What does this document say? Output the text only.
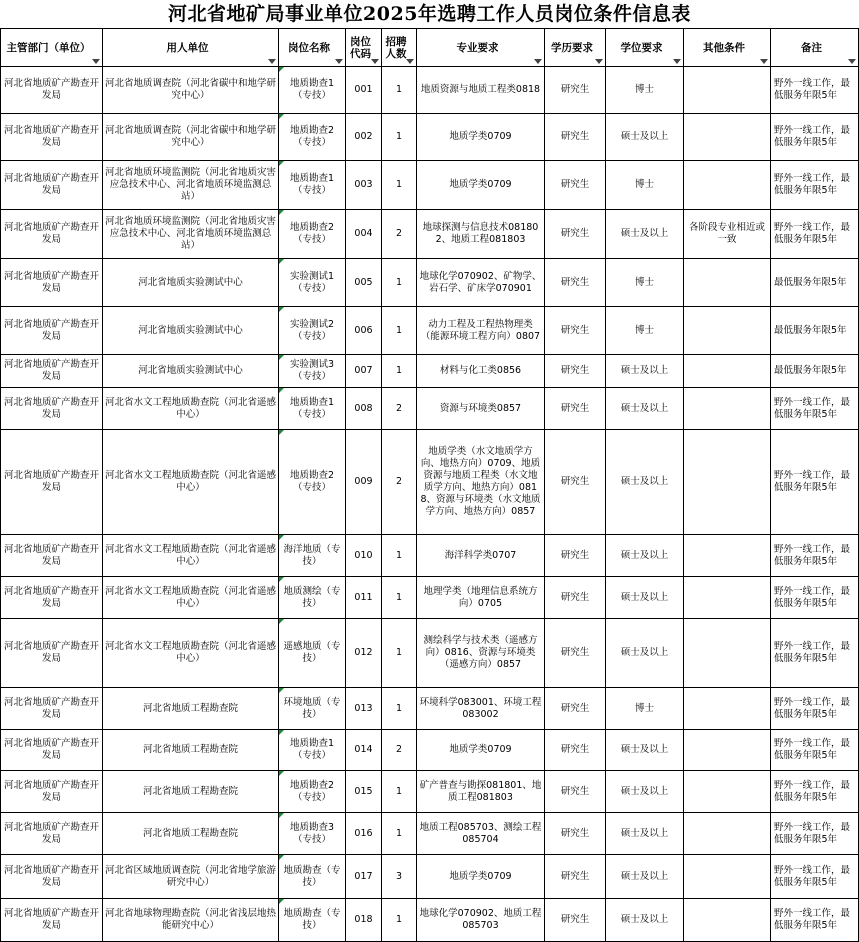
河北省地矿局事业单位2025年选聘工作人员岗位条件信息表
主管部门（单位）	用人单位	岗位名称	岗位代码	招聘人数	专业要求	学历要求	学位要求	其他条件	备注

河北省地质矿产勘查开发局	河北省地质调查院（河北省碳中和地学研究中心）	地质勘查1（专技）	001	1	地质资源与地质工程类0818	研究生	博士		野外一线工作，最低服务年限5年
河北省地质矿产勘查开发局	河北省地质调查院（河北省碳中和地学研究中心）	地质勘查2（专技）	002	1	地质学类0709	研究生	硕士及以上		野外一线工作，最低服务年限5年
河北省地质矿产勘查开发局	河北省地质环境监测院（河北省地质灾害应急技术中心、河北省地质环境监测总站）	地质勘查1（专技）	003	1	地质学类0709	研究生	博士		野外一线工作，最低服务年限5年
河北省地质矿产勘查开发局	河北省地质环境监测院（河北省地质灾害应急技术中心、河北省地质环境监测总站）	地质勘查2（专技）	004	2	地球探测与信息技术081802、地质工程081803	研究生	硕士及以上	各阶段专业相近或一致	野外一线工作，最低服务年限5年
河北省地质矿产勘查开发局	河北省地质实验测试中心	实验测试1（专技）	005	1	地球化学070902、矿物学、岩石学、矿床学070901	研究生	博士		最低服务年限5年
河北省地质矿产勘查开发局	河北省地质实验测试中心	实验测试2（专技）	006	1	动力工程及工程热物理类（能源环境工程方向）0807	研究生	博士		最低服务年限5年
河北省地质矿产勘查开发局	河北省地质实验测试中心	实验测试3（专技）	007	1	材料与化工类0856	研究生	硕士及以上		最低服务年限5年
河北省地质矿产勘查开发局	河北省水文工程地质勘查院（河北省遥感中心）	地质勘查1（专技）	008	2	资源与环境类0857	研究生	硕士及以上		野外一线工作，最低服务年限5年
河北省地质矿产勘查开发局	河北省水文工程地质勘查院（河北省遥感中心）	地质勘查2（专技）	009	2	地质学类（水文地质学方向、地热方向）0709、地质资源与地质工程类（水文地质学方向、地热方向）0818、资源与环境类（水文地质学方向、地热方向）0857	研究生	硕士及以上		野外一线工作，最低服务年限5年
河北省地质矿产勘查开发局	河北省水文工程地质勘查院（河北省遥感中心）	海洋地质（专技）	010	1	海洋科学类0707	研究生	硕士及以上		野外一线工作，最低服务年限5年
河北省地质矿产勘查开发局	河北省水文工程地质勘查院（河北省遥感中心）	地质测绘（专技）	011	1	地理学类（地理信息系统方向）0705	研究生	硕士及以上		野外一线工作，最低服务年限5年
河北省地质矿产勘查开发局	河北省水文工程地质勘查院（河北省遥感中心）	遥感地质（专技）	012	1	测绘科学与技术类（遥感方向）0816、资源与环境类（遥感方向）0857	研究生	硕士及以上		野外一线工作，最低服务年限5年
河北省地质矿产勘查开发局	河北省地质工程勘查院	环境地质（专技）	013	1	环境科学083001、环境工程083002	研究生	博士		野外一线工作，最低服务年限5年
河北省地质矿产勘查开发局	河北省地质工程勘查院	地质勘查1（专技）	014	2	地质学类0709	研究生	硕士及以上		野外一线工作，最低服务年限5年
河北省地质矿产勘查开发局	河北省地质工程勘查院	地质勘查2（专技）	015	1	矿产普查与勘探081801、地质工程081803	研究生	硕士及以上		野外一线工作，最低服务年限5年
河北省地质矿产勘查开发局	河北省地质工程勘查院	地质勘查3（专技）	016	1	地质工程085703、测绘工程085704	研究生	硕士及以上		野外一线工作，最低服务年限5年
河北省地质矿产勘查开发局	河北省区域地质调查院（河北省地学旅游研究中心）	地质勘查（专技）	017	3	地质学类0709	研究生	硕士及以上		野外一线工作，最低服务年限5年
河北省地质矿产勘查开发局	河北省地球物理勘查院（河北省浅层地热能研究中心）	地质勘查（专技）	018	1	地球化学070902、地质工程085703	研究生	硕士及以上		野外一线工作，最低服务年限5年
